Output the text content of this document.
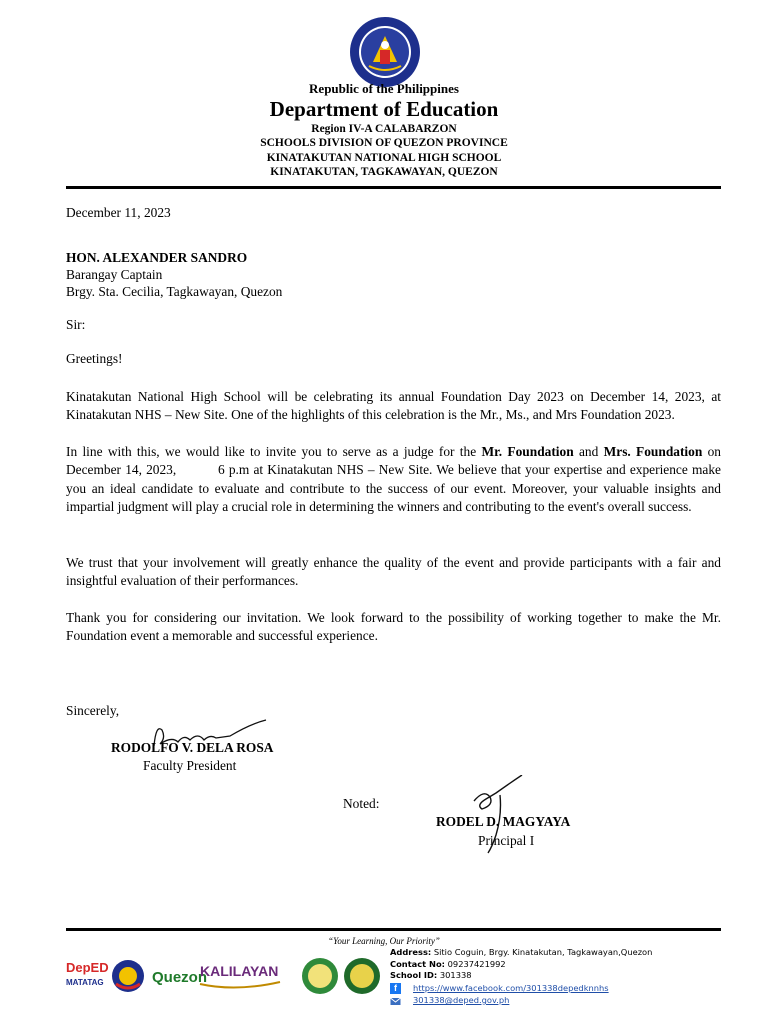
Republic of the Philippines
Department of Education
Region IV-A CALABARZON
SCHOOLS DIVISION OF QUEZON PROVINCE
KINATAKUTAN NATIONAL HIGH SCHOOL
KINATAKUTAN, TAGKAWAYAN, QUEZON
December 11, 2023
HON. ALEXANDER SANDRO
Barangay Captain
Brgy. Sta. Cecilia, Tagkawayan, Quezon
Sir:
Greetings!
Kinatakutan National High School will be celebrating its annual Foundation Day 2023 on December 14, 2023, at Kinatakutan NHS – New Site. One of the highlights of this celebration is the Mr., Ms., and Mrs Foundation 2023.
In line with this, we would like to invite you to serve as a judge for the Mr. Foundation and Mrs. Foundation on December 14, 2023,          6 p.m at Kinatakutan NHS – New Site. We believe that your expertise and experience make you an ideal candidate to evaluate and contribute to the success of our event. Moreover, your valuable insights and impartial judgment will play a crucial role in determining the winners and contributing to the event's overall success.
We trust that your involvement will greatly enhance the quality of the event and provide participants with a fair and insightful evaluation of their performances.
Thank you for considering our invitation. We look forward to the possibility of working together to make the Mr. Foundation event a memorable and successful experience.
Sincerely,
RODOLFO V. DELA ROSA
Faculty President
Noted:
RODEL D. MAGYAYA
Principal I
“Your Learning, Our Priority”
DepED
MATATAG	Quezon
KALILAYAN
Address: Sitio Coguin, Brgy. Kinatakutan, Tagkawayan,Quezon
Contact No: 09237421992
School ID: 301338
f	https://www.facebook.com/301338depedknnhs
301338@deped.gov.ph
